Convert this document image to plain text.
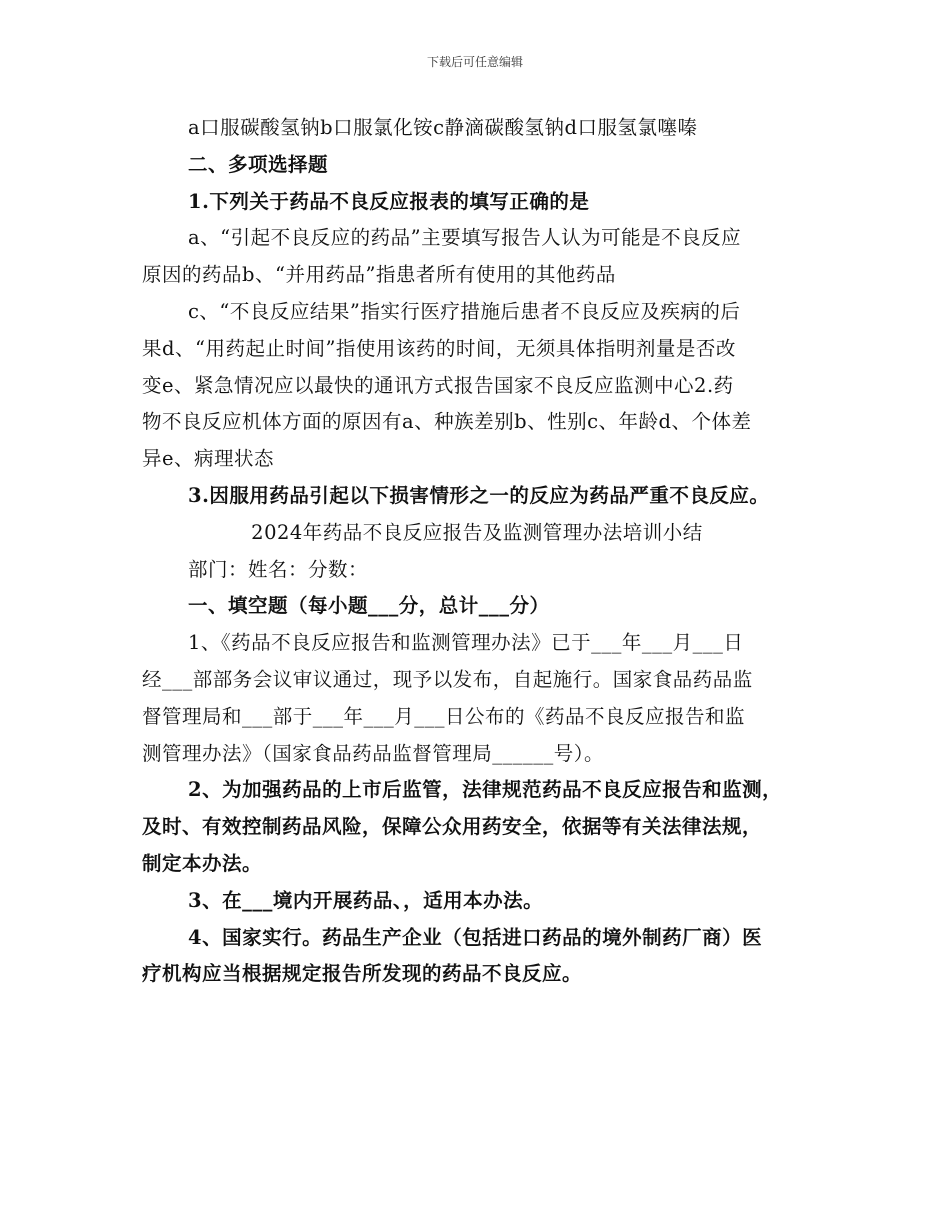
下载后可任意编辑
a口服碳酸氢钠b口服氯化铵c静滴碳酸氢钠d口服氢氯噻嗪
二、多项选择题
1.下列关于药品不良反应报表的填写正确的是
a、“引起不良反应的药品”主要填写报告人认为可能是不良反应
原因的药品b、“并用药品”指患者所有使用的其他药品
c、“不良反应结果”指实行医疗措施后患者不良反应及疾病的后
果d、“用药起止时间”指使用该药的时间，无须具体指明剂量是否改
变e、紧急情况应以最快的通讯方式报告国家不良反应监测中心2.药
物不良反应机体方面的原因有a、种族差别b、性别c、年龄d、个体差
异e、病理状态
3.因服用药品引起以下损害情形之一的反应为药品严重不良反应。
2024年药品不良反应报告及监测管理办法培训小结
部门：姓名：分数：
一、填空题（每小题___分，总计___分）
1、《药品不良反应报告和监测管理办法》已于___年___月___日
经___部部务会议审议通过，现予以发布，自起施行。国家食品药品监
督管理局和___部于___年___月___日公布的《药品不良反应报告和监
测管理办法》（国家食品药品监督管理局______号）。
2、为加强药品的上市后监管，法律规范药品不良反应报告和监测，
及时、有效控制药品风险，保障公众用药安全，依据等有关法律法规，
制定本办法。
3、在___境内开展药品、，适用本办法。
4、国家实行。药品生产企业（包括进口药品的境外制药厂商）医
疗机构应当根据规定报告所发现的药品不良反应。
